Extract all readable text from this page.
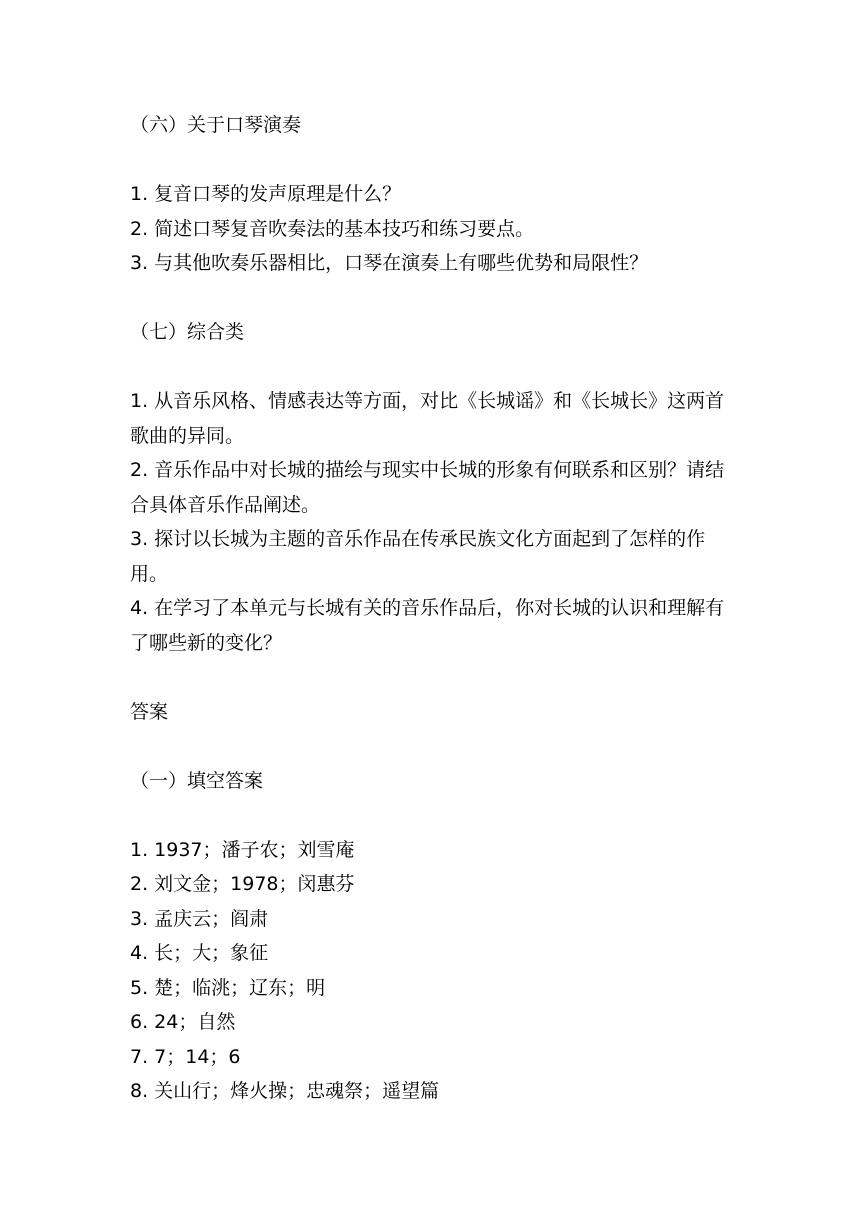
（六）关于口琴演奏
1. 复音口琴的发声原理是什么？
2. 简述口琴复音吹奏法的基本技巧和练习要点。
3. 与其他吹奏乐器相比，口琴在演奏上有哪些优势和局限性？
（七）综合类
1. 从音乐风格、情感表达等方面，对比《长城谣》和《长城长》这两首歌曲的异同。
2. 音乐作品中对长城的描绘与现实中长城的形象有何联系和区别？请结合具体音乐作品阐述。
3. 探讨以长城为主题的音乐作品在传承民族文化方面起到了怎样的作用。
4. 在学习了本单元与长城有关的音乐作品后，你对长城的认识和理解有了哪些新的变化？
答案
（一）填空答案
1. 1937；潘子农；刘雪庵
2. 刘文金；1978；闵惠芬
3. 孟庆云；阎肃
4. 长；大；象征
5. 楚；临洮；辽东；明
6. 24；自然
7. 7；14；6
8. 关山行；烽火操；忠魂祭；遥望篇
